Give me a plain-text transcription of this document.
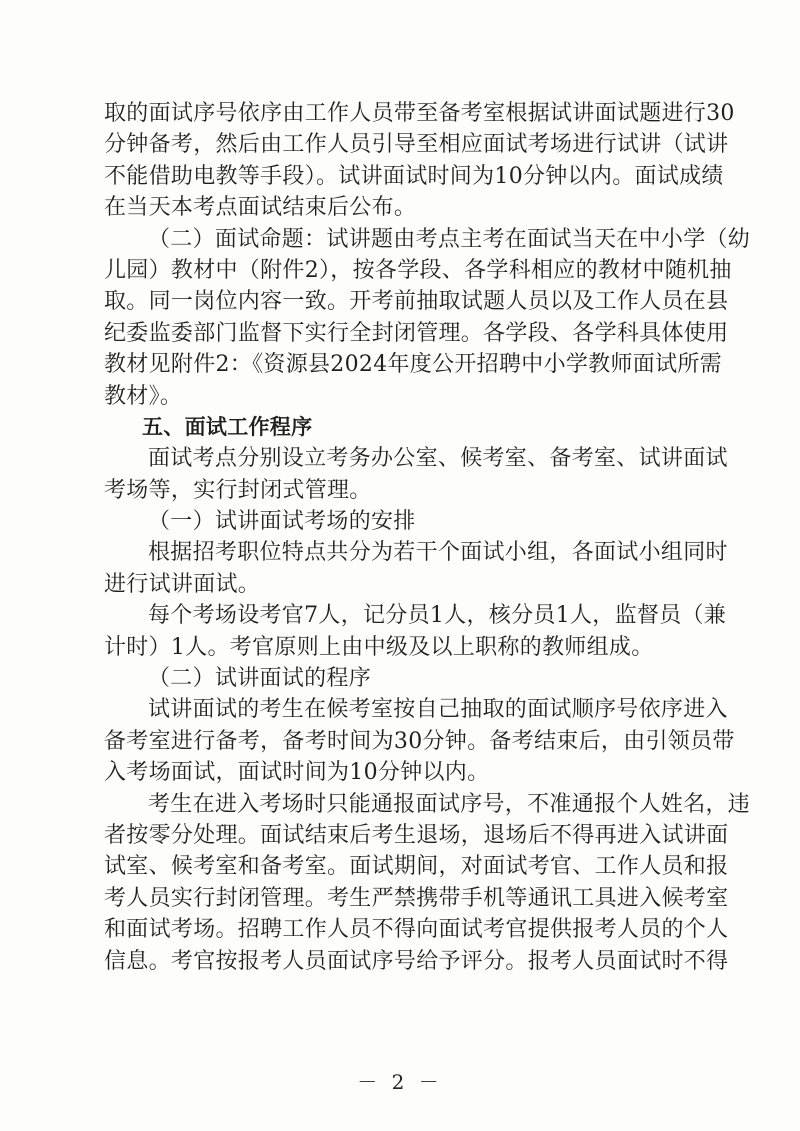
取的面试序号依序由工作人员带至备考室根据试讲面试题进行30
分钟备考，然后由工作人员引导至相应面试考场进行试讲（试讲
不能借助电教等手段）。试讲面试时间为10分钟以内。面试成绩
在当天本考点面试结束后公布。
（二）面试命题：试讲题由考点主考在面试当天在中小学（幼
儿园）教材中（附件2），按各学段、各学科相应的教材中随机抽
取。同一岗位内容一致。开考前抽取试题人员以及工作人员在县
纪委监委部门监督下实行全封闭管理。各学段、各学科具体使用
教材见附件2：《资源县2024年度公开招聘中小学教师面试所需
教材》。
五、面试工作程序
面试考点分别设立考务办公室、候考室、备考室、试讲面试
考场等，实行封闭式管理。
（一）试讲面试考场的安排
根据招考职位特点共分为若干个面试小组，各面试小组同时
进行试讲面试。
每个考场设考官7人，记分员1人，核分员1人，监督员（兼
计时）1人。考官原则上由中级及以上职称的教师组成。
（二）试讲面试的程序
试讲面试的考生在候考室按自己抽取的面试顺序号依序进入
备考室进行备考，备考时间为30分钟。备考结束后，由引领员带
入考场面试，面试时间为10分钟以内。
考生在进入考场时只能通报面试序号，不准通报个人姓名，违
者按零分处理。面试结束后考生退场，退场后不得再进入试讲面
试室、候考室和备考室。面试期间，对面试考官、工作人员和报
考人员实行封闭管理。考生严禁携带手机等通讯工具进入候考室
和面试考场。招聘工作人员不得向面试考官提供报考人员的个人
信息。考官按报考人员面试序号给予评分。报考人员面试时不得
－ 2 －
